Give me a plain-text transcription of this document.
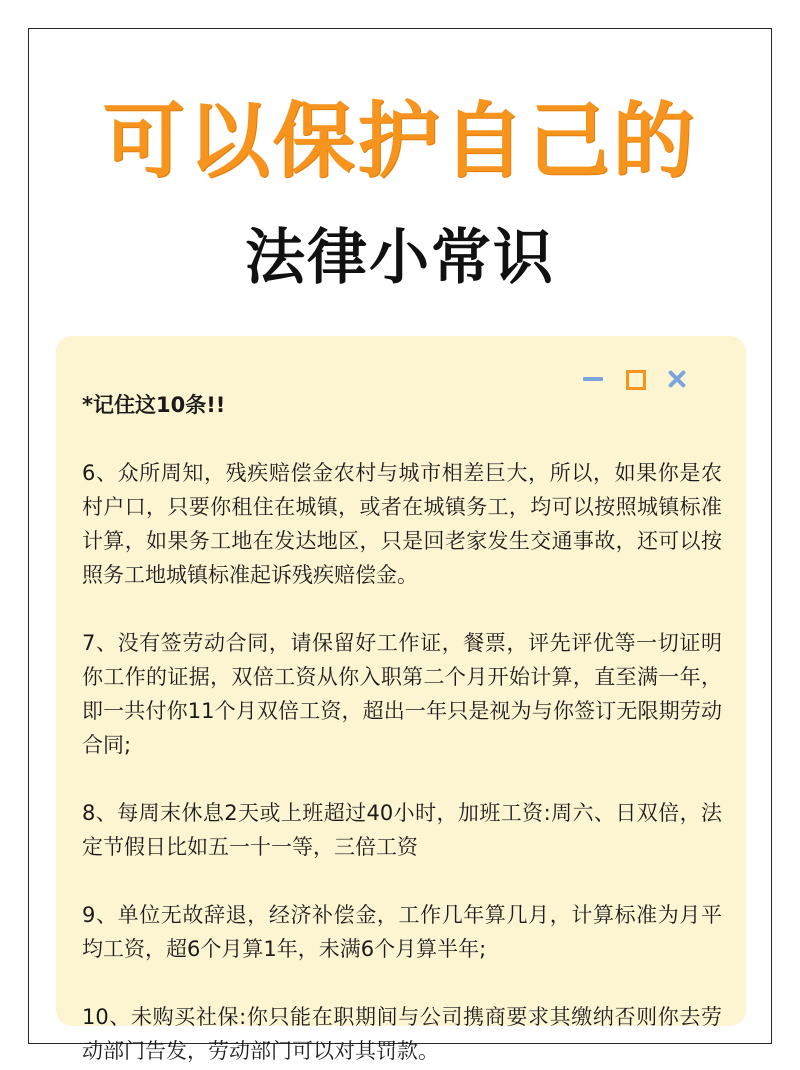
可以保护自己的
法律小常识

*记住这10条!!

6、众所周知，残疾赔偿金农村与城市相差巨大，所以，如果你是农村户口，只要你租住在城镇，或者在城镇务工，均可以按照城镇标准计算，如果务工地在发达地区，只是回老家发生交通事故，还可以按照务工地城镇标准起诉残疾赔偿金。

7、没有签劳动合同，请保留好工作证，餐票，评先评优等一切证明你工作的证据，双倍工资从你入职第二个月开始计算，直至满一年，即一共付你11个月双倍工资，超出一年只是视为与你签订无限期劳动合同;

8、每周末休息2天或上班超过40小时，加班工资:周六、日双倍，法定节假日比如五一十一等，三倍工资

9、单位无故辞退，经济补偿金，工作几年算几月，计算标准为月平均工资，超6个月算1年，未满6个月算半年;

10、未购买社保:你只能在职期间与公司携商要求其缴纳否则你去劳动部门告发，劳动部门可以对其罚款。
